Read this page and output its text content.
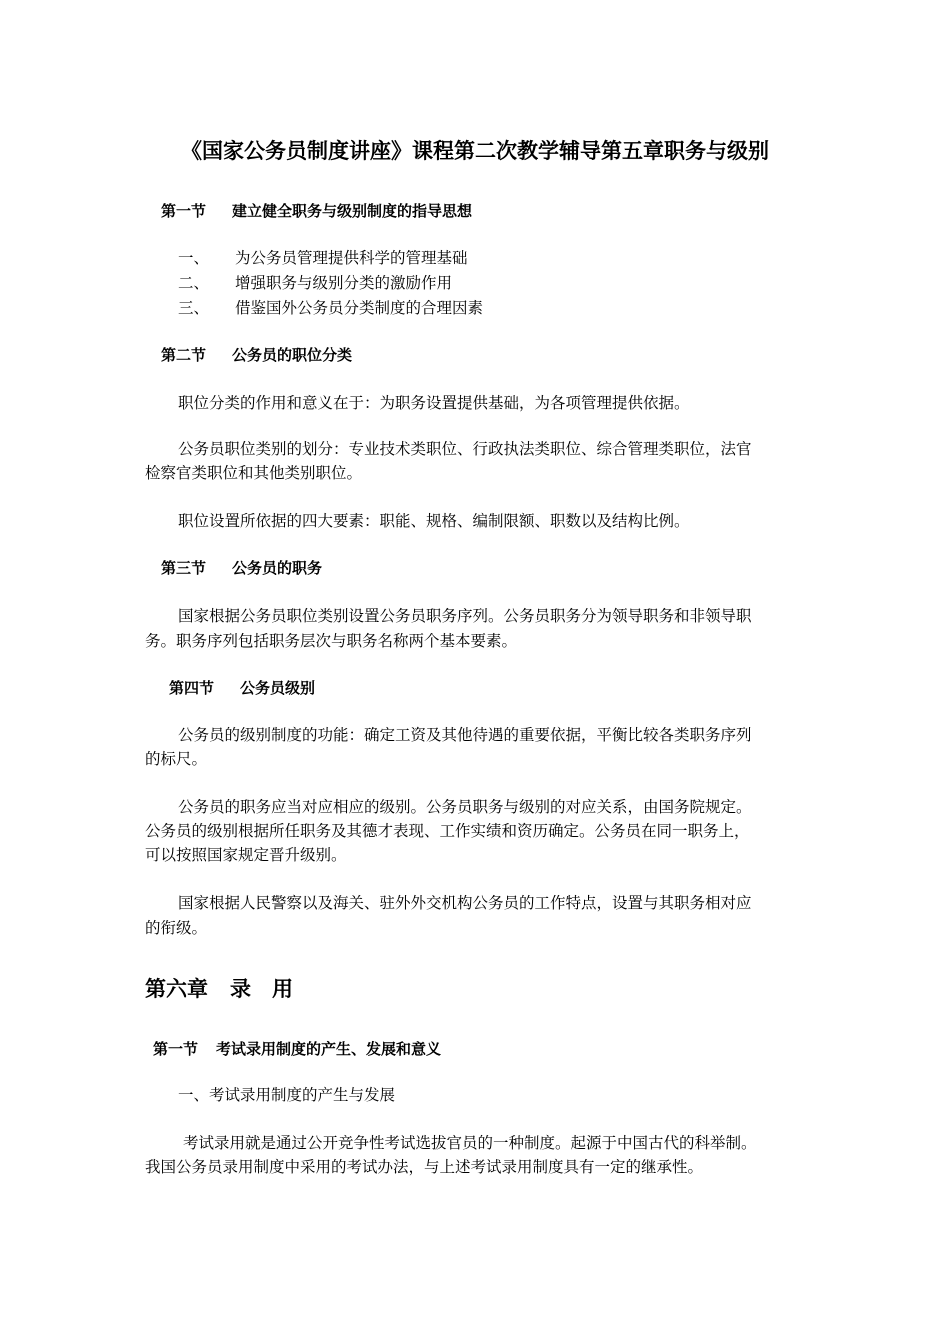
《国家公务员制度讲座》课程第二次教学辅导第五章职务与级别
第一节 建立健全职务与级别制度的指导思想
一、 为公务员管理提供科学的管理基础
二、 增强职务与级别分类的激励作用
三、 借鉴国外公务员分类制度的合理因素
第二节 公务员的职位分类
职位分类的作用和意义在于：为职务设置提供基础，为各项管理提供依据。
公务员职位类别的划分：专业技术类职位、行政执法类职位、综合管理类职位，法官
检察官类职位和其他类别职位。
职位设置所依据的四大要素：职能、规格、编制限额、职数以及结构比例。
第三节 公务员的职务
国家根据公务员职位类别设置公务员职务序列。公务员职务分为领导职务和非领导职
务。职务序列包括职务层次与职务名称两个基本要素。
第四节 公务员级别
公务员的级别制度的功能：确定工资及其他待遇的重要依据，平衡比较各类职务序列
的标尺。
公务员的职务应当对应相应的级别。公务员职务与级别的对应关系，由国务院规定。
公务员的级别根据所任职务及其德才表现、工作实绩和资历确定。公务员在同一职务上，
可以按照国家规定晋升级别。
国家根据人民警察以及海关、驻外外交机构公务员的工作特点，设置与其职务相对应
的衔级。
第六章 录　用
第一节 考试录用制度的产生、发展和意义
一、考试录用制度的产生与发展
考试录用就是通过公开竞争性考试选拔官员的一种制度。起源于中国古代的科举制。
我国公务员录用制度中采用的考试办法，与上述考试录用制度具有一定的继承性。
